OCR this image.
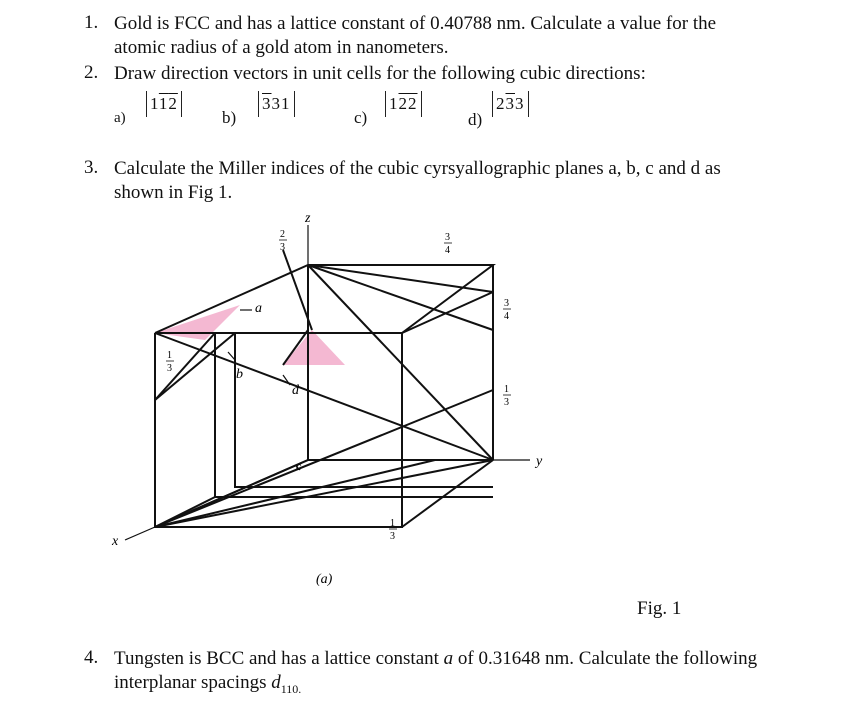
1. Gold is FCC and has a lattice constant of 0.40788 nm. Calculate a value for the
atomic radius of a gold atom in nanometers.
2. Draw direction vectors in unit cells for the following cubic directions:
a)
112
b)
331
c)
122
d)
233
3. Calculate the Miller indices of the cubic cyrsyallographic planes a, b, c and d as
shown in Fig 1.
z
y
x
a
b
c
d
2
3
3
4
3
4
1
3
1
3
1
3
(a)
Fig. 1
4. Tungsten is BCC and has a lattice constant a of 0.31648 nm. Calculate the following
interplanar spacings $d_{110.}$
